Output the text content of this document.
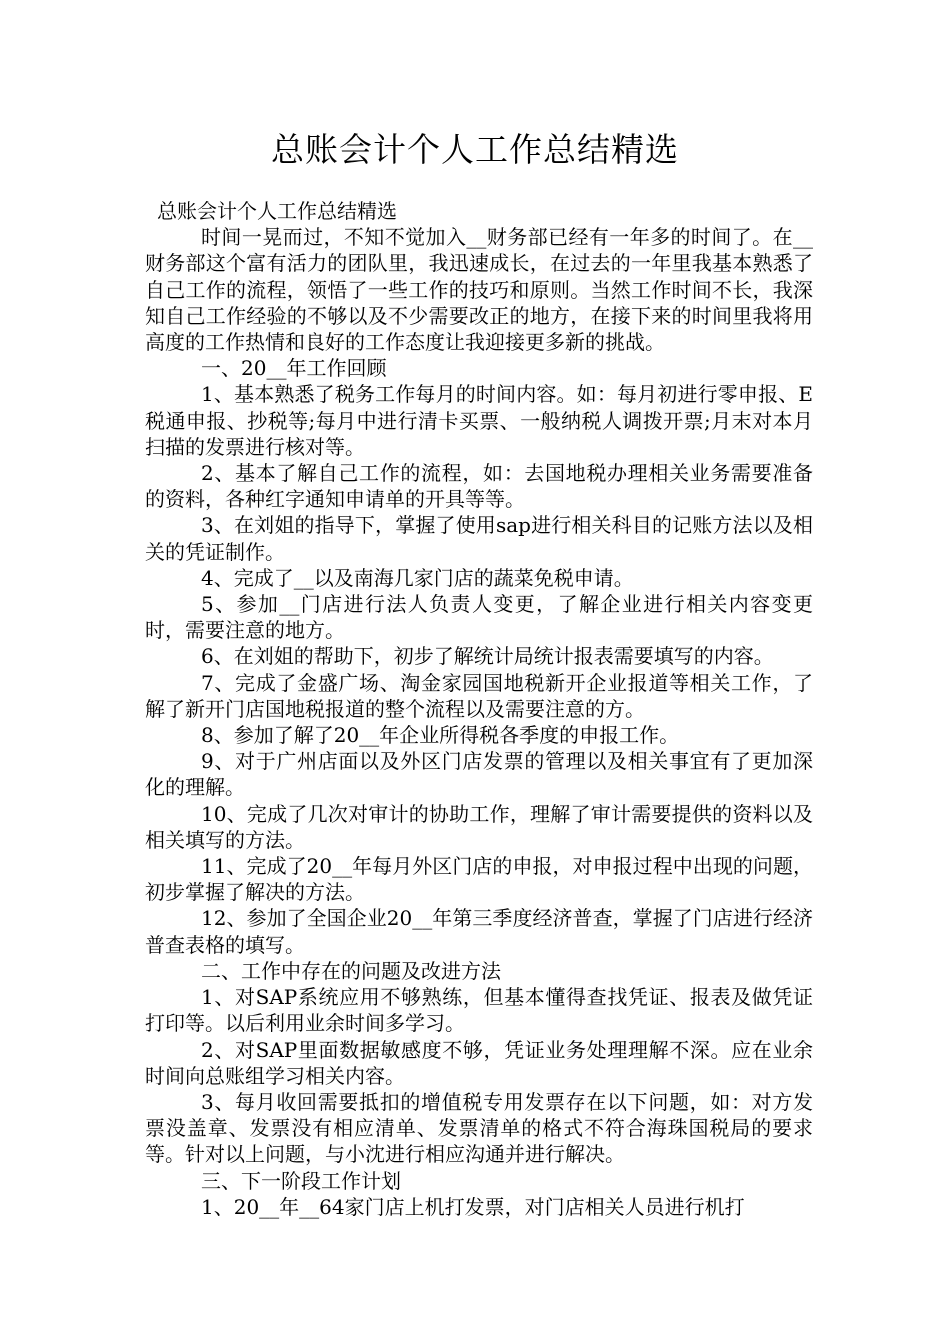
总账会计个人工作总结精选

总账会计个人工作总结精选

时间一晃而过，不知不觉加入__财务部已经有一年多的时间了。在__财务部这个富有活力的团队里，我迅速成长，在过去的一年里我基本熟悉了自己工作的流程，领悟了一些工作的技巧和原则。当然工作时间不长，我深知自己工作经验的不够以及不少需要改正的地方，在接下来的时间里我将用高度的工作热情和良好的工作态度让我迎接更多新的挑战。

一、20__年工作回顾

1、基本熟悉了税务工作每月的时间内容。如：每月初进行零申报、E税通申报、抄税等;每月中进行清卡买票、一般纳税人调拨开票;月末对本月扫描的发票进行核对等。

2、基本了解自己工作的流程，如：去国地税办理相关业务需要准备的资料，各种红字通知申请单的开具等等。

3、在刘姐的指导下，掌握了使用sap进行相关科目的记账方法以及相关的凭证制作。

4、完成了__以及南海几家门店的蔬菜免税申请。

5、参加__门店进行法人负责人变更，了解企业进行相关内容变更时，需要注意的地方。

6、在刘姐的帮助下，初步了解统计局统计报表需要填写的内容。

7、完成了金盛广场、淘金家园国地税新开企业报道等相关工作，了解了新开门店国地税报道的整个流程以及需要注意的方。

8、参加了解了20__年企业所得税各季度的申报工作。

9、对于广州店面以及外区门店发票的管理以及相关事宜有了更加深化的理解。

10、完成了几次对审计的协助工作，理解了审计需要提供的资料以及相关填写的方法。

11、完成了20__年每月外区门店的申报，对申报过程中出现的问题，初步掌握了解决的方法。

12、参加了全国企业20__年第三季度经济普查，掌握了门店进行经济普查表格的填写。

二、工作中存在的问题及改进方法

1、对SAP系统应用不够熟练，但基本懂得查找凭证、报表及做凭证打印等。以后利用业余时间多学习。

2、对SAP里面数据敏感度不够，凭证业务处理理解不深。应在业余时间向总账组学习相关内容。

3、每月收回需要抵扣的增值税专用发票存在以下问题，如：对方发票没盖章、发票没有相应清单、发票清单的格式不符合海珠国税局的要求等。针对以上问题，与小沈进行相应沟通并进行解决。

三、下一阶段工作计划

1、20__年__64家门店上机打发票，对门店相关人员进行机打
